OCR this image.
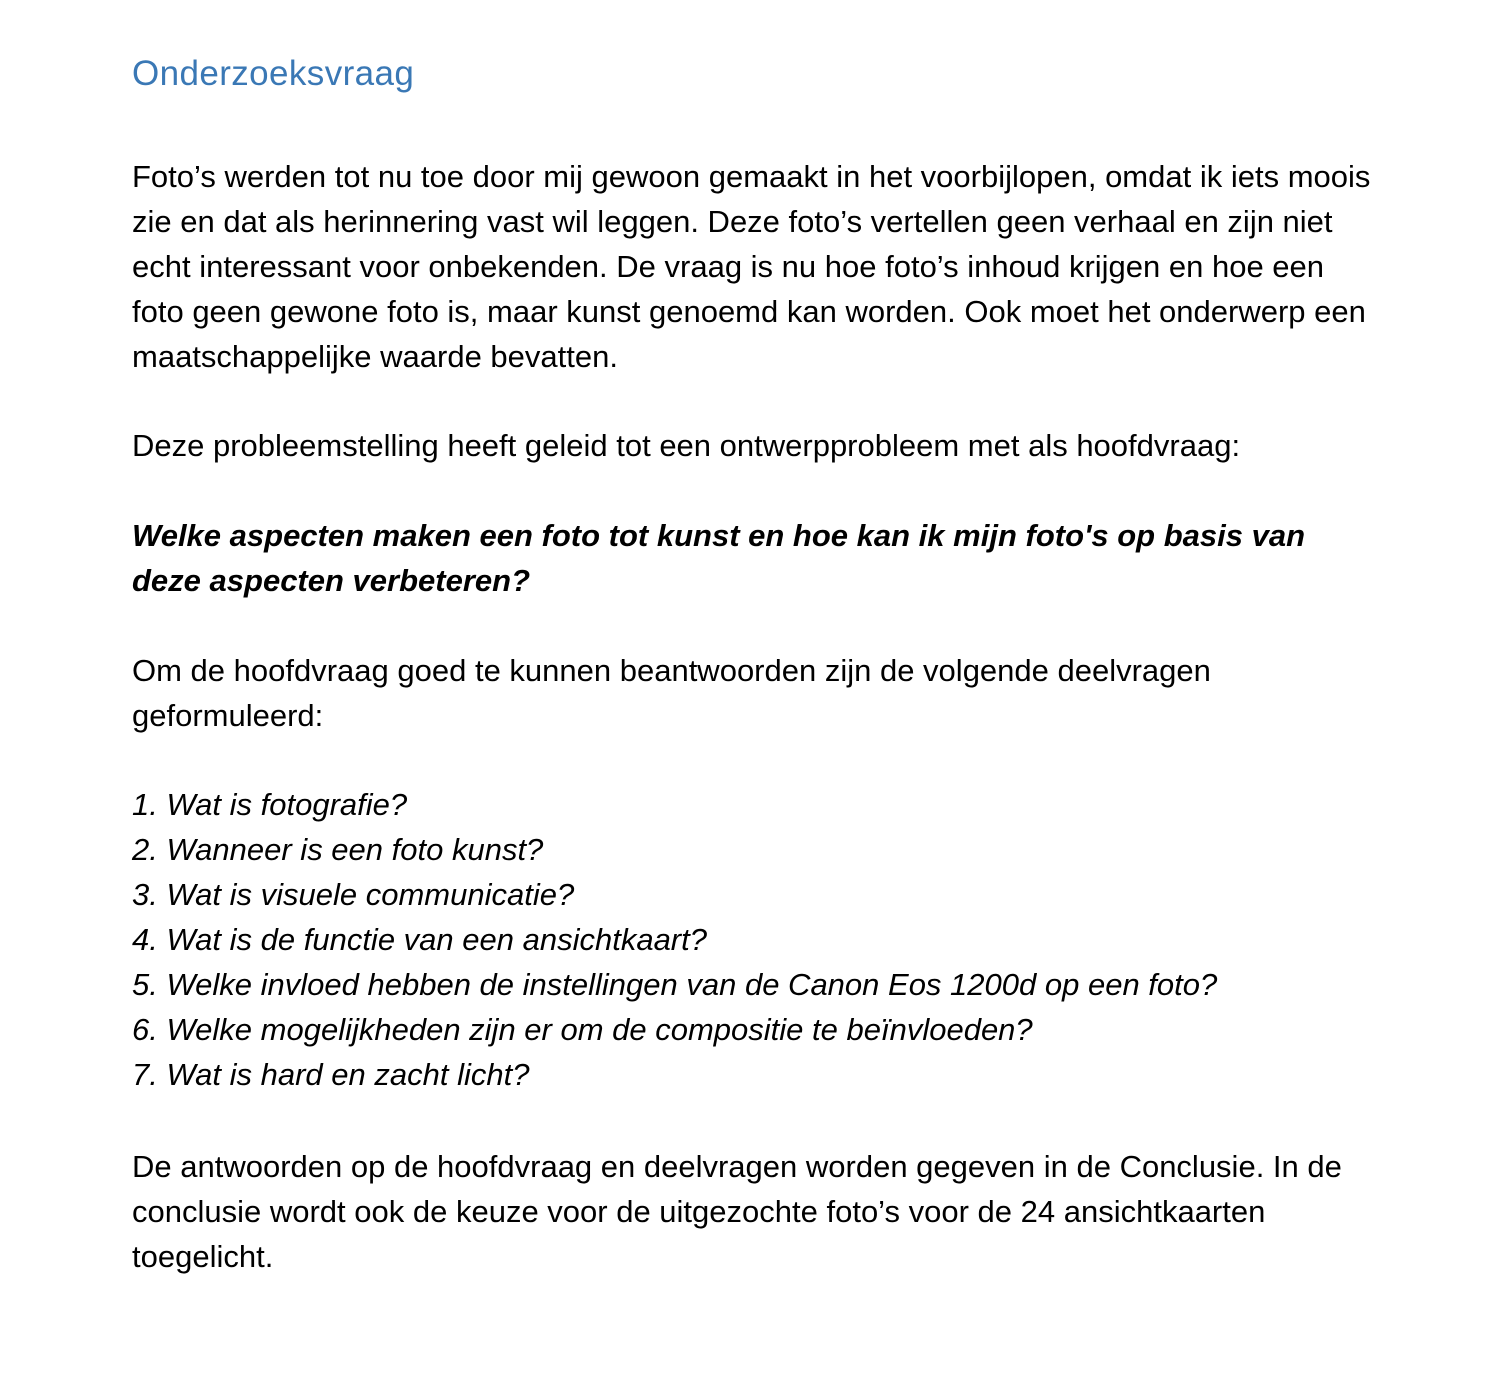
Onderzoeksvraag

Foto’s werden tot nu toe door mij gewoon gemaakt in het voorbijlopen, omdat ik iets moois zie en dat als herinnering vast wil leggen. Deze foto’s vertellen geen verhaal en zijn niet echt interessant voor onbekenden. De vraag is nu hoe foto’s inhoud krijgen en hoe een foto geen gewone foto is, maar kunst genoemd kan worden. Ook moet het onderwerp een maatschappelijke waarde bevatten.

Deze probleemstelling heeft geleid tot een ontwerpprobleem met als hoofdvraag:

Welke aspecten maken een foto tot kunst en hoe kan ik mijn foto's op basis van deze aspecten verbeteren?

Om de hoofdvraag goed te kunnen beantwoorden zijn de volgende deelvragen geformuleerd:

1. Wat is fotografie?
2. Wanneer is een foto kunst?
3. Wat is visuele communicatie?
4. Wat is de functie van een ansichtkaart?
5. Welke invloed hebben de instellingen van de Canon Eos 1200d op een foto?
6. Welke mogelijkheden zijn er om de compositie te beïnvloeden?
7. Wat is hard en zacht licht?

De antwoorden op de hoofdvraag en deelvragen worden gegeven in de Conclusie. In de conclusie wordt ook de keuze voor de uitgezochte foto’s voor de 24 ansichtkaarten toegelicht.
